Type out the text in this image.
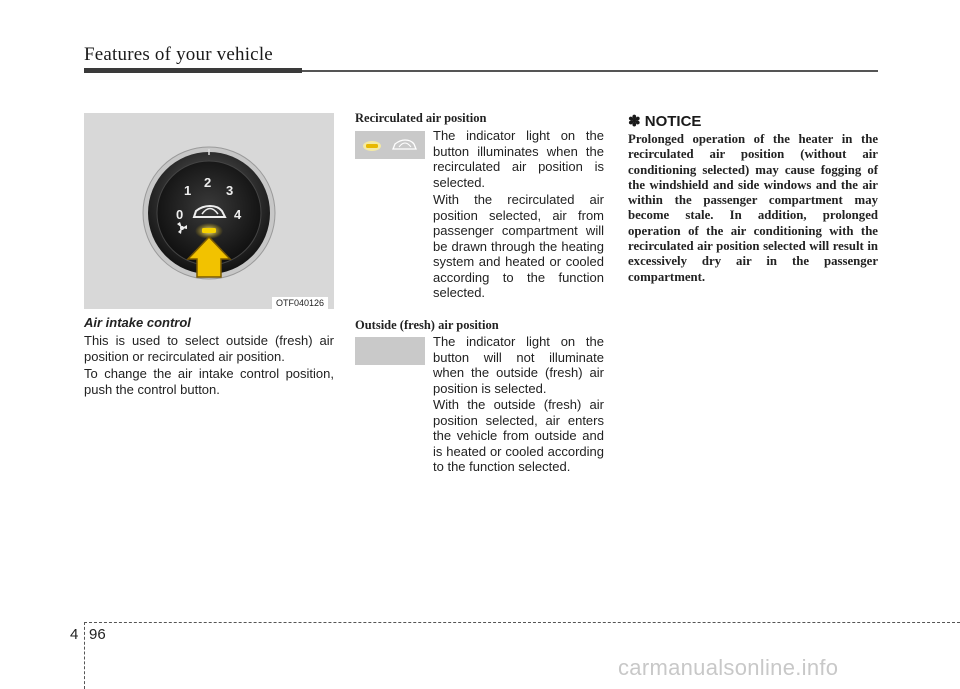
Features of your vehicle
0
1
2
3
4
OTF040126
Air intake control
This is used to select outside (fresh) air position or recirculated air position.
To change the air intake control position, push the control button.
Recirculated air position
The indicator light on the button illuminates when the recirculated air position is selected.
With the recirculated air position selected, air from passenger compartment will be drawn through the heating system and heated or cooled according to the function selected.
Outside (fresh) air position
The indicator light on the button will not illuminate when the outside (fresh) air position is selected.
With the outside (fresh) air position selected, air enters the vehicle from outside and is heated or cooled according to the function selected.
✽ NOTICE
Prolonged operation of the heater in the recirculated air position (without air conditioning selected) may cause fogging of the windshield and side windows and the air within the passenger compartment may become stale. In addition, prolonged operation of the air conditioning with the recirculated air position selected will result in excessively dry air in the passenger compartment.
4 96
carmanualsonline.info
